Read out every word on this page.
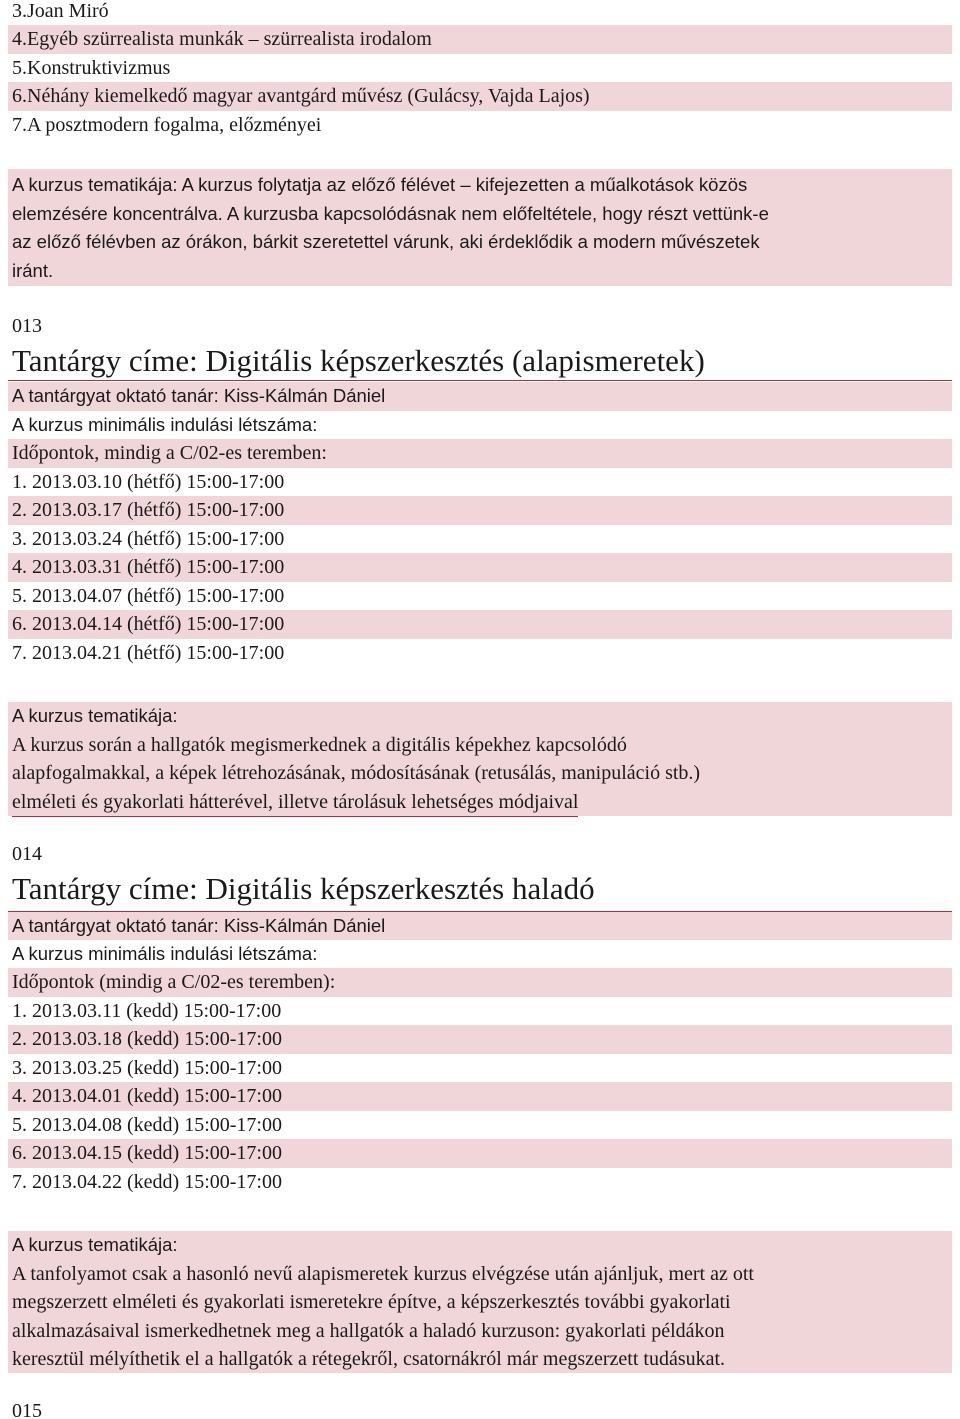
3.Joan Miró
4.Egyéb szürrealista munkák – szürrealista irodalom
5.Konstruktivizmus
6.Néhány kiemelkedő magyar avantgárd művész (Gulácsy, Vajda Lajos)
7.A posztmodern fogalma, előzményei
A kurzus tematikája: A kurzus folytatja az előző félévet – kifejezetten a műalkotások közös
elemzésére koncentrálva. A kurzusba kapcsolódásnak nem előfeltétele, hogy részt vettünk-e
az előző félévben az órákon, bárkit szeretettel várunk, aki érdeklődik a modern művészetek
iránt.
013
Tantárgy címe: Digitális képszerkesztés (alapismeretek)
A tantárgyat oktató tanár: Kiss-Kálmán Dániel
A kurzus minimális indulási létszáma:
Időpontok, mindig a C/02-es teremben:
1. 2013.03.10 (hétfő) 15:00-17:00
2. 2013.03.17 (hétfő) 15:00-17:00
3. 2013.03.24 (hétfő) 15:00-17:00
4. 2013.03.31 (hétfő) 15:00-17:00
5. 2013.04.07 (hétfő) 15:00-17:00
6. 2013.04.14 (hétfő) 15:00-17:00
7. 2013.04.21 (hétfő) 15:00-17:00
A kurzus tematikája:
A kurzus során a hallgatók megismerkednek a digitális képekhez kapcsolódó
alapfogalmakkal, a képek létrehozásának, módosításának (retusálás, manipuláció stb.)
elméleti és gyakorlati hátterével, illetve tárolásuk lehetséges módjaival
014
Tantárgy címe: Digitális képszerkesztés haladó
A tantárgyat oktató tanár: Kiss-Kálmán Dániel
A kurzus minimális indulási létszáma:
Időpontok (mindig a C/02-es teremben):
1. 2013.03.11 (kedd) 15:00-17:00
2. 2013.03.18 (kedd) 15:00-17:00
3. 2013.03.25 (kedd) 15:00-17:00
4. 2013.04.01 (kedd) 15:00-17:00
5. 2013.04.08 (kedd) 15:00-17:00
6. 2013.04.15 (kedd) 15:00-17:00
7. 2013.04.22 (kedd) 15:00-17:00
A kurzus tematikája:
A tanfolyamot csak a hasonló nevű alapismeretek kurzus elvégzése után ajánljuk, mert az ott
megszerzett elméleti és gyakorlati ismeretekre építve, a képszerkesztés további gyakorlati
alkalmazásaival ismerkedhetnek meg a hallgatók a haladó kurzuson: gyakorlati példákon
keresztül mélyíthetik el a hallgatók a rétegekről, csatornákról már megszerzett tudásukat.
015
